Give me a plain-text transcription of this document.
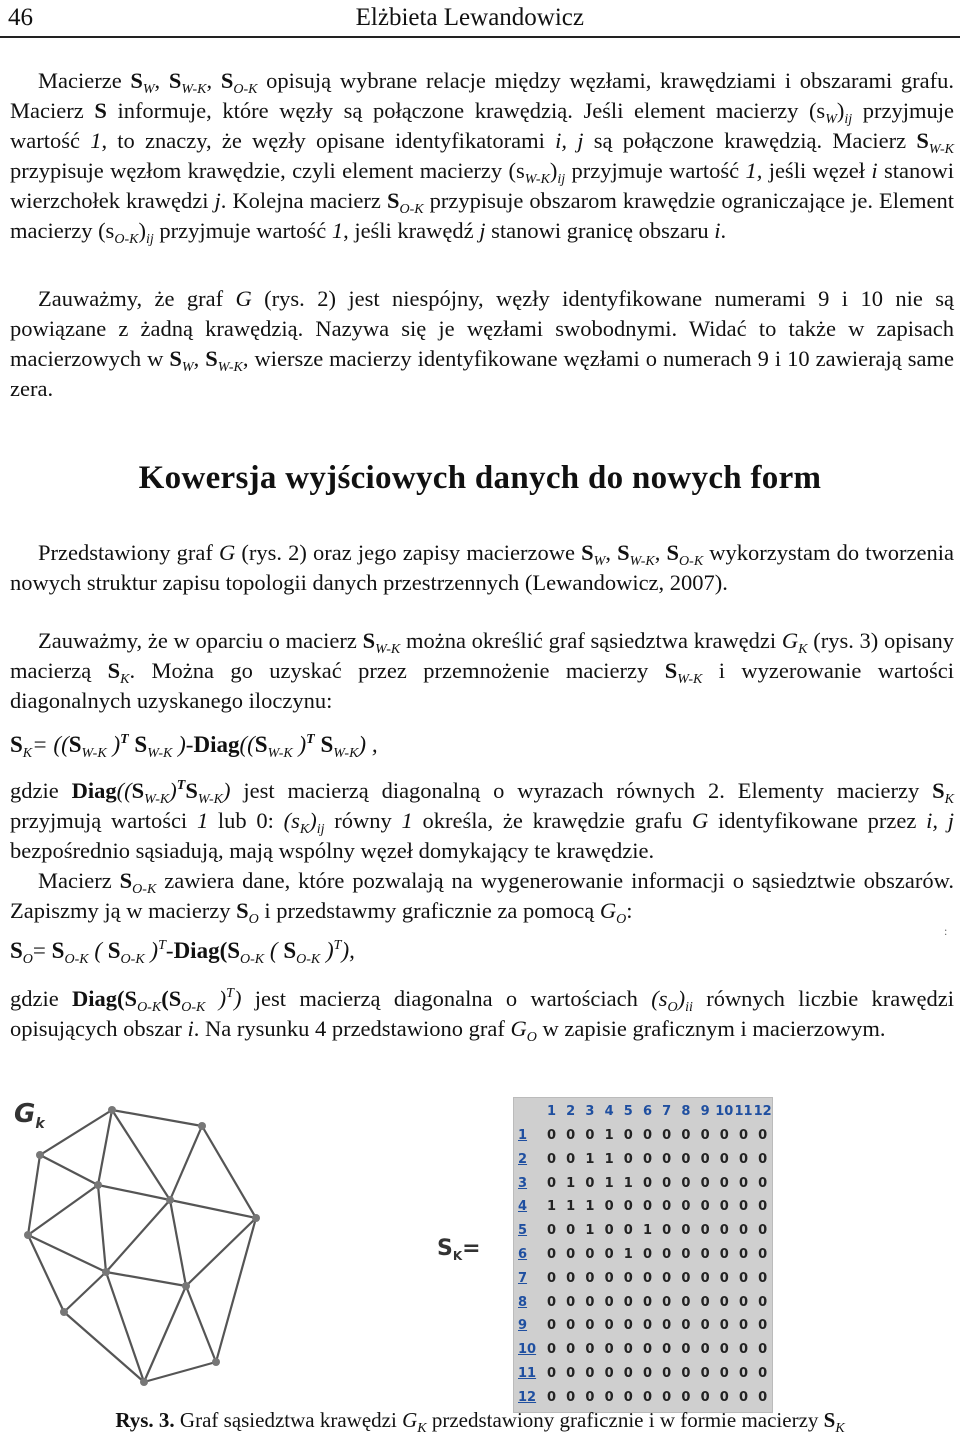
46	Elżbieta Lewandowicz

Macierze $S_W$, $S_{W-K}$, $S_{O-K}$ opisują wybrane relacje między węzłami, krawędziami i obszarami grafu. Macierz S informuje, które węzły są połączone krawędzią. Jeśli element macierzy $(s_W)_{ij}$ przyjmuje wartość 1, to znaczy, że węzły opisane identyfikatorami i, j są połączone krawędzią. Macierz $S_{W-K}$ przypisuje węzłom krawędzie, czyli element macierzy $(s_{W-K})_{ij}$ przyjmuje wartość 1, jeśli węzeł i stanowi wierzchołek krawędzi j. Kolejna macierz $S_{O-K}$ przypisuje obszarom krawędzie ograniczające je. Element macierzy $(s_{O-K})_{ij}$ przyjmuje wartość 1, jeśli krawędź j stanowi granicę obszaru i.

Zauważmy, że graf G (rys. 2) jest niespójny, węzły identyfikowane numerami 9 i 10 nie są powiązane z żadną krawędzią. Nazywa się je węzłami swobodnymi. Widać to także w zapisach macierzowych w $S_W$, $S_{W-K}$, wiersze macierzy identyfikowane węzłami o numerach 9 i 10 zawierają same zera.

Kowersja wyjściowych danych do nowych form

Przedstawiony graf G (rys. 2) oraz jego zapisy macierzowe $S_W$, $S_{W-K}$, $S_{O-K}$ wykorzystam do tworzenia nowych struktur zapisu topologii danych przestrzennych (Lewandowicz, 2007).

Zauważmy, że w oparciu o macierz $S_{W-K}$ można określić graf sąsiedztwa krawędzi $G_K$ (rys. 3) opisany macierzą $S_K$. Można go uzyskać przez przemnożenie macierzy $S_{W-K}$ i wyzerowanie wartości diagonalnych uzyskanego iloczynu:

$S_K= ((S_{W-K}$ )$^T$ $S_{W-K}$ )$-Diag((S_{W-K}$ )$^T$ $S_{W-K}$) ,

gdzie $Diag((S_{W-K})^TS_{W-K})$ jest macierzą diagonalną o wyrazach równych 2. Elementy macierzy $S_K$ przyjmują wartości 1 lub 0: $(s_K)_{ij}$ równy 1 określa, że krawędzie grafu G identyfikowane przez i, j bezpośrednio sąsiadują, mają wspólny węzeł domykający te krawędzie.

Macierz $S_{O-K}$ zawiera dane, które pozwalają na wygenerowanie informacji o sąsiedztwie obszarów. Zapiszmy ją w macierzy $S_O$ i przedstawmy graficznie za pomocą $G_O$:

:
$S_O= S_{O-K}$ ( $S_{O-K}$ )$^T-Diag(S_{O-K}$ ( $S_{O-K}$ )$^T$),

gdzie $Diag(S_{O-K}(S_{O-K}$ )$^T$) jest macierzą diagonalna o wartościach $(s_O)_{ii}$ równych liczbie krawędzi opisujących obszar i. Na rysunku 4 przedstawiono graf $G_O$ w zapisie graficznym i macierzowym.

$G_k$
$S_K=$
1 2 3 4 5 6 7 8 9 10 11 12
1	0 0 0 1 0 0 0 0 0 0 0 0
2	0 0 1 1 0 0 0 0 0 0 0 0
3	0 1 0 1 1 0 0 0 0 0 0 0
4	1 1 1 0 0 0 0 0 0 0 0 0
5	0 0 1 0 0 1 0 0 0 0 0 0
6	0 0 0 0 1 0 0 0 0 0 0 0
7	0 0 0 0 0 0 0 0 0 0 0 0
8	0 0 0 0 0 0 0 0 0 0 0 0
9	0 0 0 0 0 0 0 0 0 0 0 0
10 0 0 0 0 0 0 0 0 0 0 0 0
11 0 0 0 0 0 0 0 0 0 0 0 0
12 0 0 0 0 0 0 0 0 0 0 0 0
Rys. 3. Graf sąsiedztwa krawędzi $G_K$ przedstawiony graficznie i w formie macierzy $S_K$
